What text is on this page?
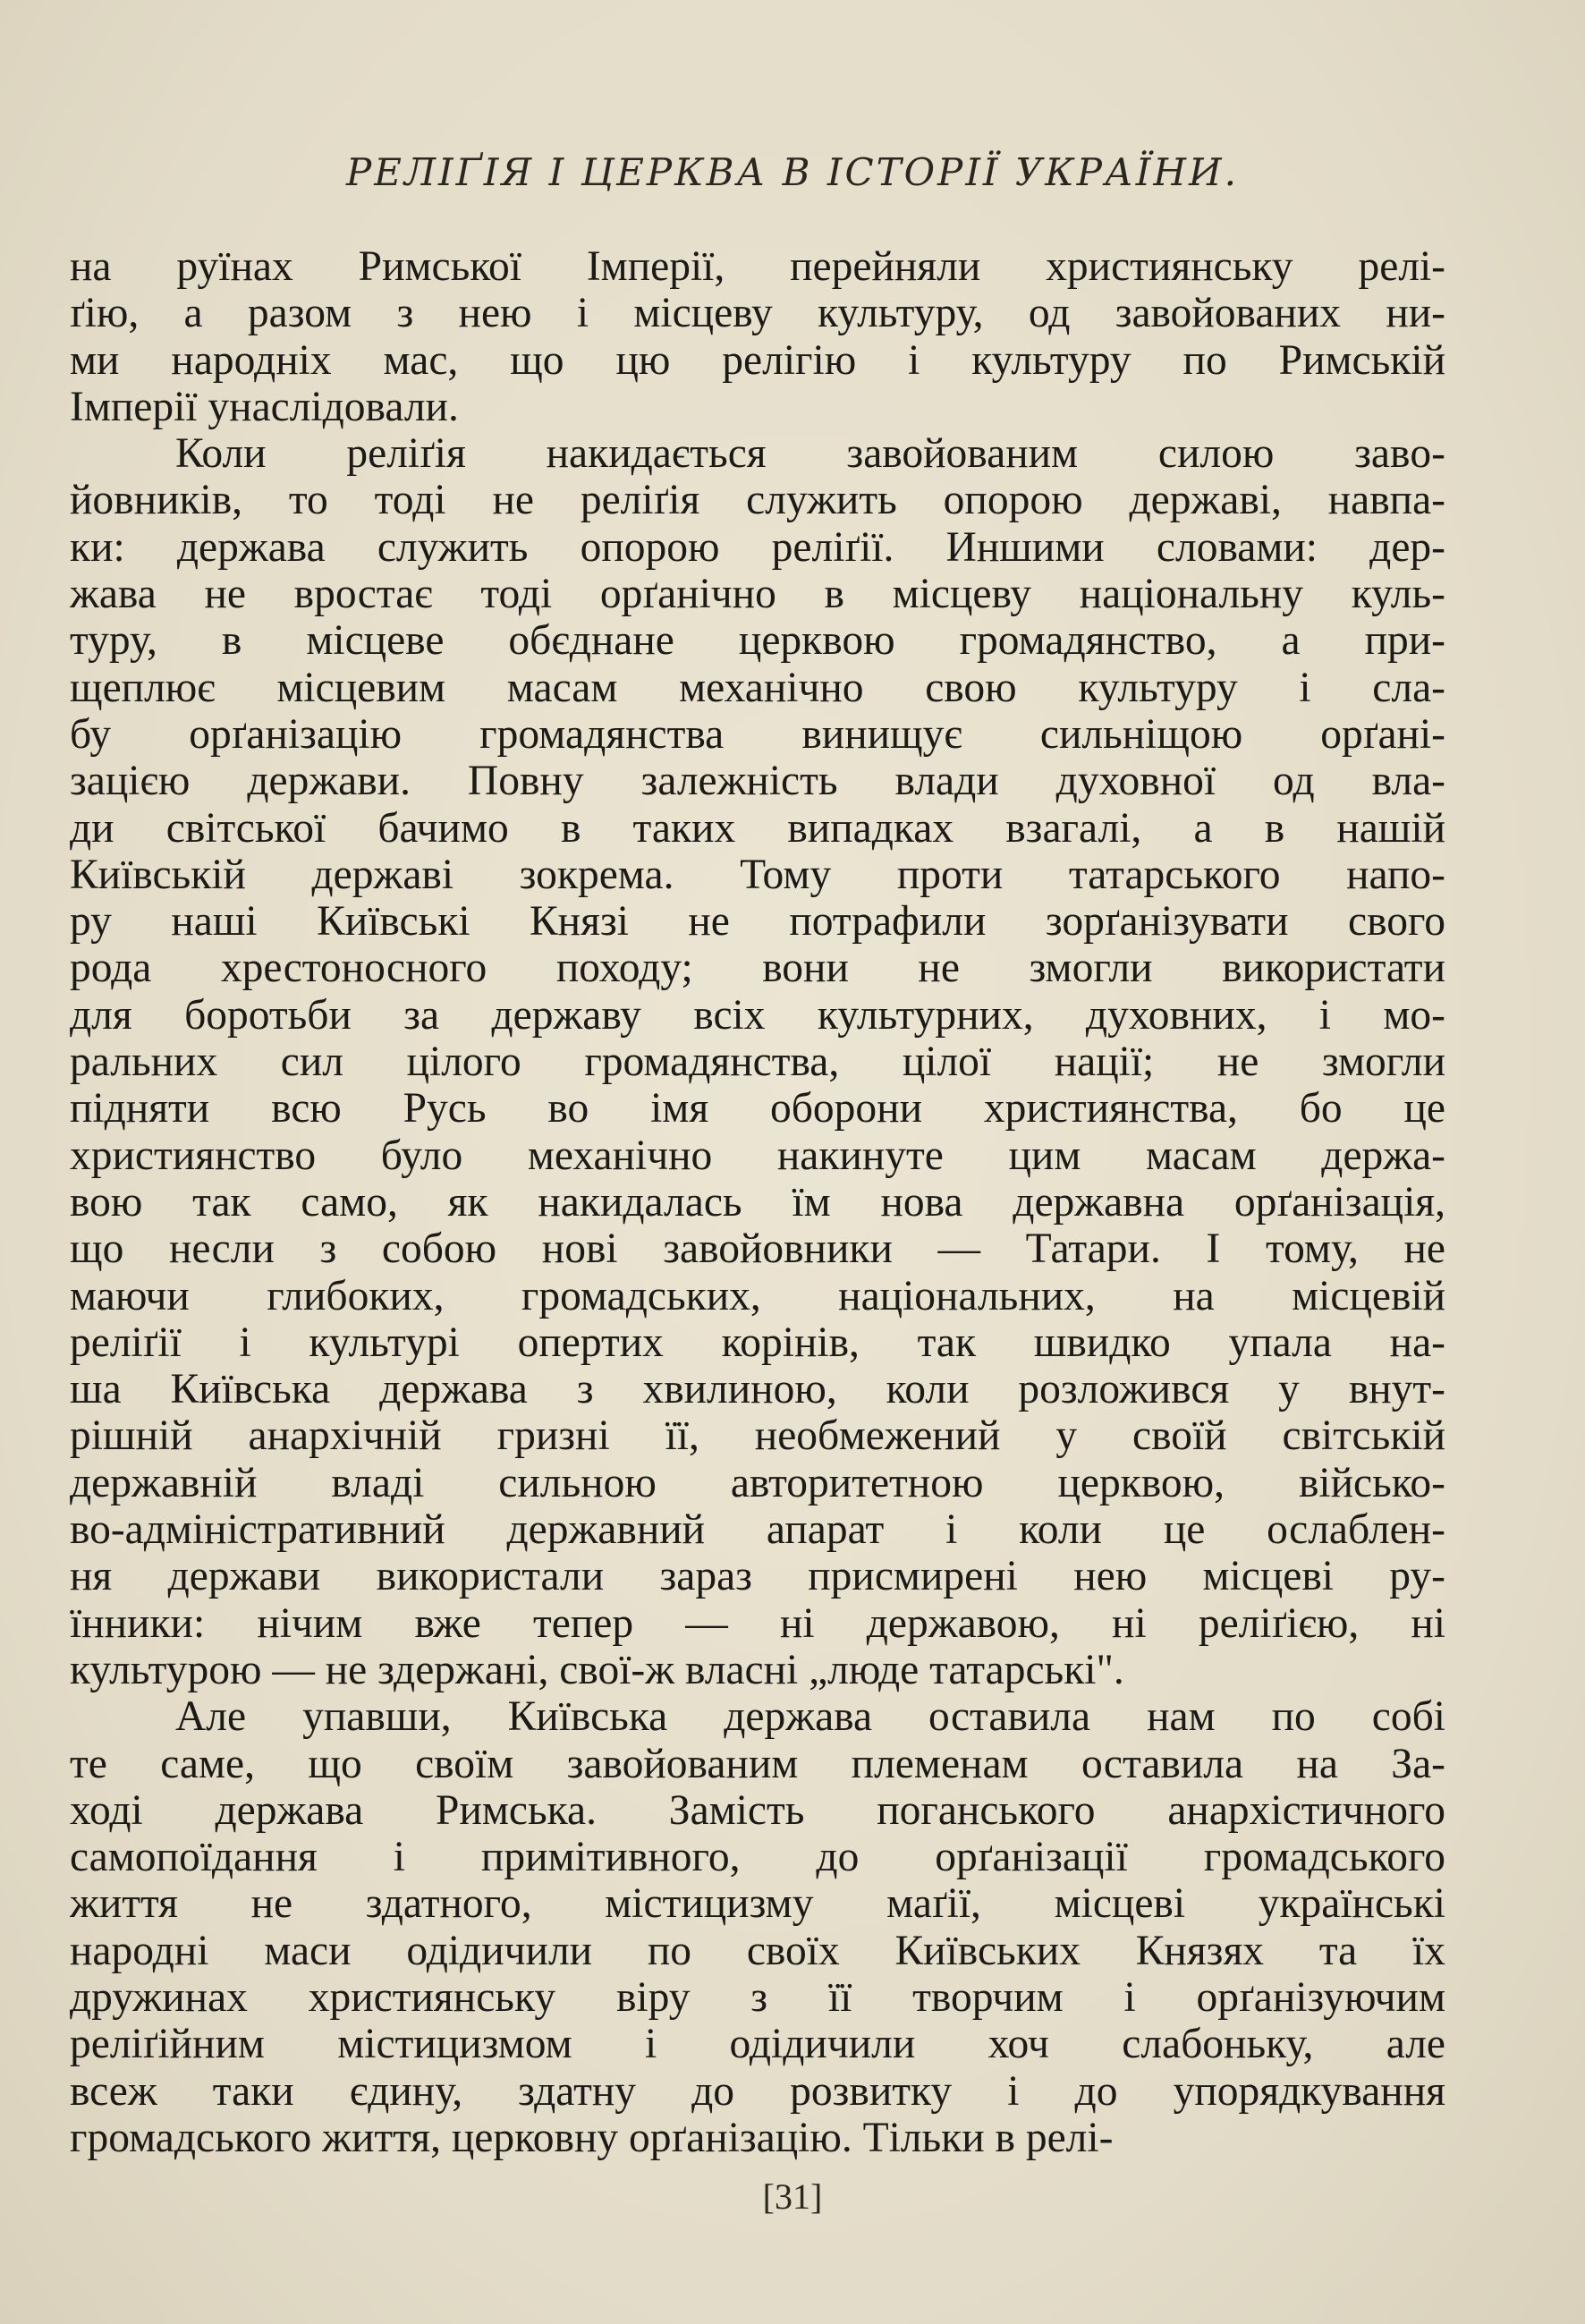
РЕЛІҐІЯ І ЦЕРКВА В ІСТОРІЇ УКРАЇНИ.
на руїнах Римської Імперії, перейняли християнську релі-
ґію, а разом з нею і місцеву культуру, од завойованих ни-
ми народніх мас, що цю релігію і культуру по Римській
Імперії унаслідовали.
Коли реліґія накидається завойованим силою завo-
йовників, то тоді не реліґія служить опорою державі, навпа-
ки: держава служить опорою реліґії. Иншими словами: дер-
жава не вростає тоді орґанічно в місцеву національну куль-
туру, в місцеве обєднане церквою громадянство, а при-
щеплює місцевим масам механічно свою культуру і сла-
бу орґанізацію громадянства винищує сильніщою орґані-
зацією держави. Повну залежність влади духовної од вла-
ди світської бачимо в таких випадках взагалі, а в нашій
Київській державі зокрема. Тому проти татарського напо-
ру наші Київські Князі не потрафили зорґанізувати свого
рода хрестоносного походу; вони не змогли використати
для боротьби за державу всіх культурних, духовних, і мо-
ральних сил цілого громадянства, цілої нації; не змогли
підняти всю Русь во імя оборони християнства, бо це
християнство було механічно накинуте цим масам держа-
вою так само, як накидалась їм нова державна орґанізація,
що несли з собою нові завойовники — Татари. І тому, не
маючи глибоких, громадських, національних, на місцевій
реліґії і культурі опертих корінів, так швидко упала на-
ша Київська держава з хвилиною, коли розложився у внут-
рішній анархічній гризні її, необмежений у своїй світській
державній владі сильною авторитетною церквою, військо-
во-адміністративний державний апарат і коли це ослаблен-
ня держави використали зараз присмирені нею місцеві ру-
їнники: нічим вже тепер — ні державою, ні реліґією, ні
культурою — не здержані, свої-ж власні „люде татарські".
Але упавши, Київська держава оставила нам по собі
те саме, що своїм завойованим племенам оставила на За-
ході держава Римська. Замість поганського анархістичного
самопоїдання і примітивного, до орґанізації громадського
життя не здатного, містицизму маґії, місцеві українські
народні маси одідичили по своїх Київських Князях та їх
дружинах християнську віру з її творчим і орґанізуючим
реліґійним містицизмом і одідичили хоч слабоньку, але
всеж таки єдину, здатну до розвитку і до упорядкування
громадського життя, церковну орґанізацію. Тільки в релі-
[31]
